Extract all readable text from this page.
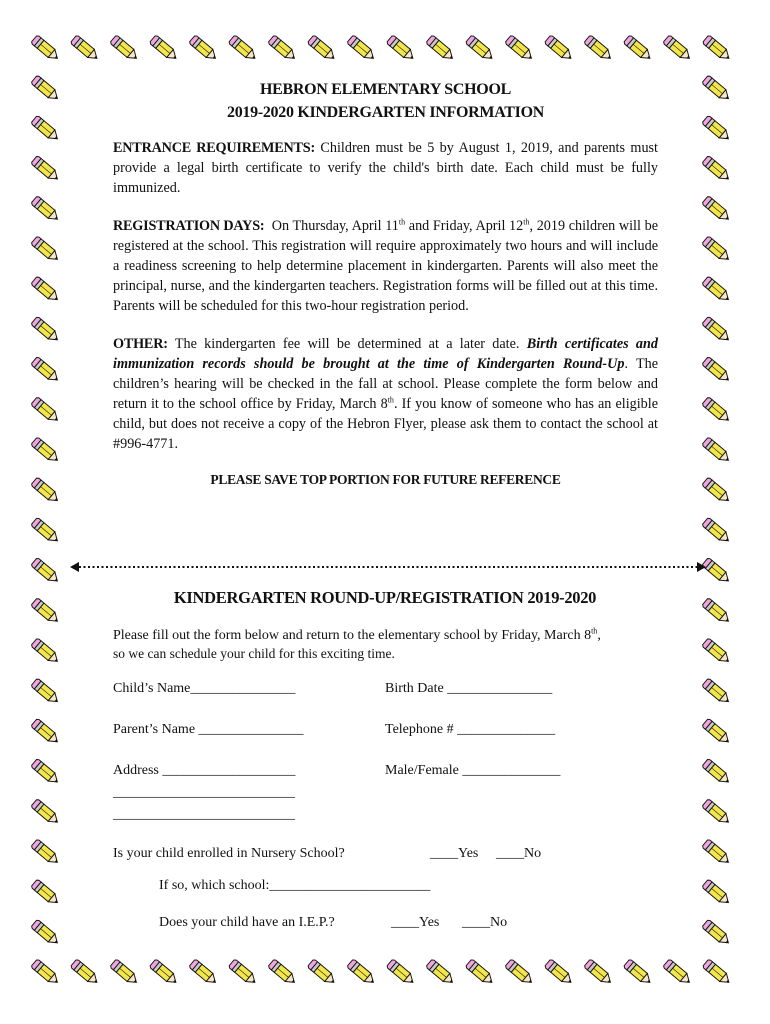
HEBRON ELEMENTARY SCHOOL
2019-2020 KINDERGARTEN INFORMATION

ENTRANCE REQUIREMENTS: Children must be 5 by August 1, 2019, and parents must provide a legal birth certificate to verify the child's birth date. Each child must be fully immunized.

REGISTRATION DAYS: On Thursday, April 11th and Friday, April 12th, 2019 children will be registered at the school. This registration will require approximately two hours and will include a readiness screening to help determine placement in kindergarten. Parents will also meet the principal, nurse, and the kindergarten teachers. Registration forms will be filled out at this time. Parents will be scheduled for this two-hour registration period.

OTHER: The kindergarten fee will be determined at a later date. Birth certificates and immunization records should be brought at the time of Kindergarten Round-Up. The children’s hearing will be checked in the fall at school. Please complete the form below and return it to the school office by Friday, March 8th. If you know of someone who has an eligible child, but does not receive a copy of the Hebron Flyer, please ask them to contact the school at #996-4771.

PLEASE SAVE TOP PORTION FOR FUTURE REFERENCE

KINDERGARTEN ROUND-UP/REGISTRATION 2019-2020
Please fill out the form below and return to the elementary school by Friday, March 8th,
so we can schedule your child for this exciting time.
Child’s Name_______________	Birth Date _______________
Parent’s Name _______________	Telephone # ______________
Address ___________________	Male/Female ______________
__________________________
__________________________
Is your child enrolled in Nursery School?	____Yes ____No
If so, which school:_______________________
Does your child have an I.E.P.?	____Yes ____No
